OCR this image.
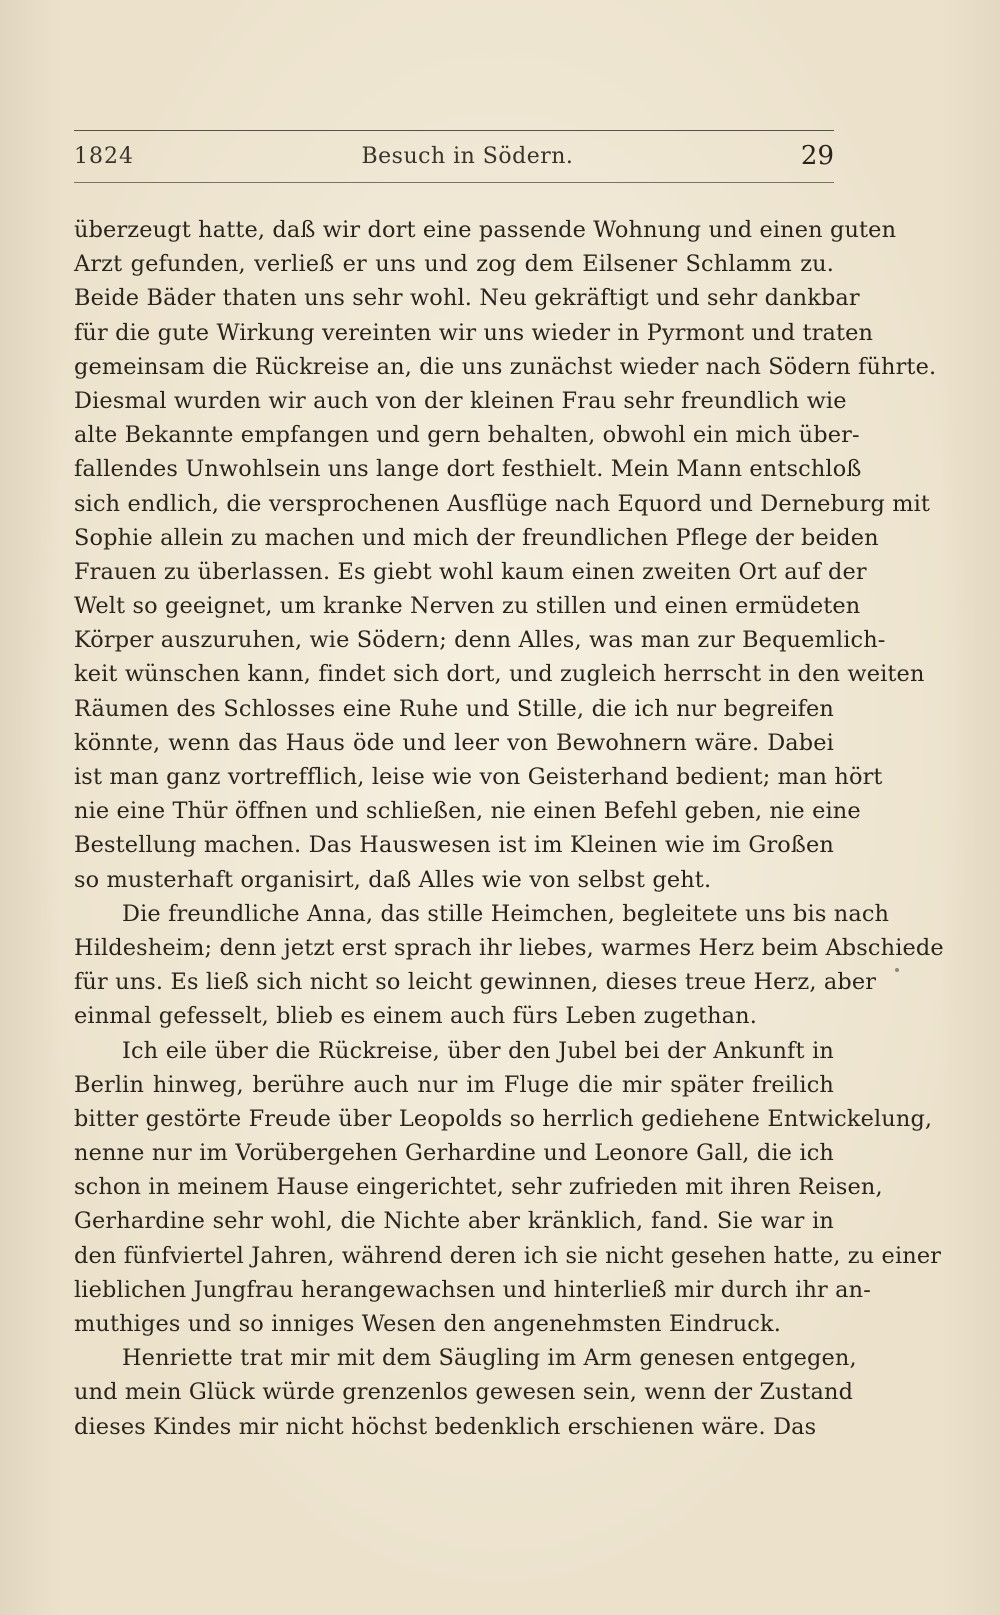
1824	Besuch in Södern.	29
überzeugt hatte, daß wir dort eine passende Wohnung und einen guten
Arzt gefunden, verließ er uns und zog dem Eilsener Schlamm zu.
Beide Bäder thaten uns sehr wohl. Neu gekräftigt und sehr dankbar
für die gute Wirkung vereinten wir uns wieder in Pyrmont und traten
gemeinsam die Rückreise an, die uns zunächst wieder nach Södern führte.
Diesmal wurden wir auch von der kleinen Frau sehr freundlich wie
alte Bekannte empfangen und gern behalten, obwohl ein mich über-
fallendes Unwohlsein uns lange dort festhielt. Mein Mann entschloß
sich endlich, die versprochenen Ausflüge nach Equord und Derneburg mit
Sophie allein zu machen und mich der freundlichen Pflege der beiden
Frauen zu überlassen. Es giebt wohl kaum einen zweiten Ort auf der
Welt so geeignet, um kranke Nerven zu stillen und einen ermüdeten
Körper auszuruhen, wie Södern; denn Alles, was man zur Bequemlich-
keit wünschen kann, findet sich dort, und zugleich herrscht in den weiten
Räumen des Schlosses eine Ruhe und Stille, die ich nur begreifen
könnte, wenn das Haus öde und leer von Bewohnern wäre. Dabei
ist man ganz vortrefflich, leise wie von Geisterhand bedient; man hört
nie eine Thür öffnen und schließen, nie einen Befehl geben, nie eine
Bestellung machen. Das Hauswesen ist im Kleinen wie im Großen
so musterhaft organisirt, daß Alles wie von selbst geht.
Die freundliche Anna, das stille Heimchen, begleitete uns bis nach
Hildesheim; denn jetzt erst sprach ihr liebes, warmes Herz beim Abschiede
für uns. Es ließ sich nicht so leicht gewinnen, dieses treue Herz, aber
einmal gefesselt, blieb es einem auch fürs Leben zugethan.
Ich eile über die Rückreise, über den Jubel bei der Ankunft in
Berlin hinweg, berühre auch nur im Fluge die mir später freilich
bitter gestörte Freude über Leopolds so herrlich gediehene Entwickelung,
nenne nur im Vorübergehen Gerhardine und Leonore Gall, die ich
schon in meinem Hause eingerichtet, sehr zufrieden mit ihren Reisen,
Gerhardine sehr wohl, die Nichte aber kränklich, fand. Sie war in
den fünfviertel Jahren, während deren ich sie nicht gesehen hatte, zu einer
lieblichen Jungfrau herangewachsen und hinterließ mir durch ihr an-
muthiges und so inniges Wesen den angenehmsten Eindruck.
Henriette trat mir mit dem Säugling im Arm genesen entgegen,
und mein Glück würde grenzenlos gewesen sein, wenn der Zustand
dieses Kindes mir nicht höchst bedenklich erschienen wäre. Das
